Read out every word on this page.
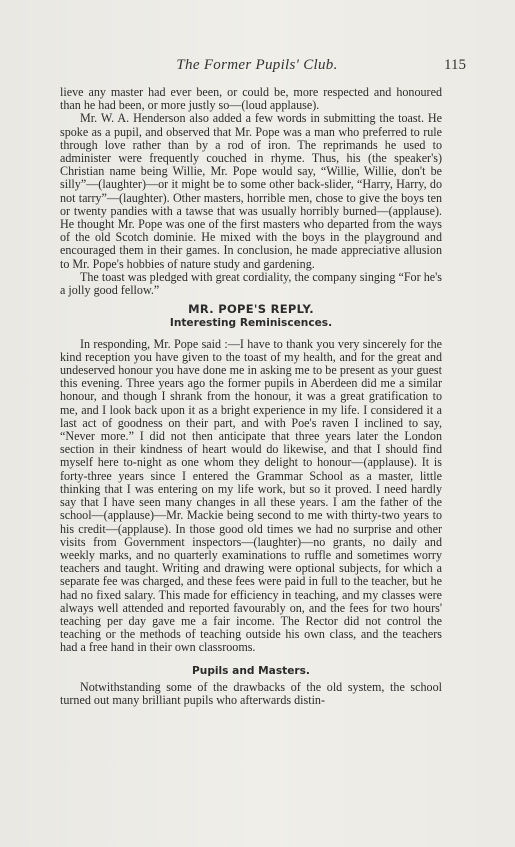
The Former Pupils' Club.	115

lieve any master had ever been, or could be, more respected and honoured than he had been, or more justly so—(loud applause).

Mr. W. A. Henderson also added a few words in submitting the toast. He spoke as a pupil, and observed that Mr. Pope was a man who preferred to rule through love rather than by a rod of iron. The reprimands he used to administer were frequently couched in rhyme. Thus, his (the speaker's) Christian name being Willie, Mr. Pope would say, “Willie, Willie, don't be silly”—(laughter)—or it might be to some other back-slider, “Harry, Harry, do not tarry”—(laughter). Other masters, horrible men, chose to give the boys ten or twenty pandies with a tawse that was usually horribly burned—(applause). He thought Mr. Pope was one of the first masters who departed from the ways of the old Scotch dominie. He mixed with the boys in the playground and encouraged them in their games. In conclusion, he made appreciative allusion to Mr. Pope's hobbies of nature study and gardening.

The toast was pledged with great cordiality, the company singing “For he's a jolly good fellow.”

MR. POPE'S REPLY.
Interesting Reminiscences.

In responding, Mr. Pope said :—I have to thank you very sincerely for the kind reception you have given to the toast of my health, and for the great and undeserved honour you have done me in asking me to be present as your guest this evening. Three years ago the former pupils in Aberdeen did me a similar honour, and though I shrank from the honour, it was a great gratification to me, and I look back upon it as a bright experience in my life. I considered it a last act of goodness on their part, and with Poe's raven I inclined to say, “Never more.” I did not then anticipate that three years later the London section in their kindness of heart would do likewise, and that I should find myself here to-night as one whom they delight to honour—(applause). It is forty-three years since I entered the Grammar School as a master, little thinking that I was entering on my life work, but so it proved. I need hardly say that I have seen many changes in all these years. I am the father of the school—(applause)—Mr. Mackie being second to me with thirty-two years to his credit—(applause). In those good old times we had no surprise and other visits from Government inspectors—(laughter)—no grants, no daily and weekly marks, and no quarterly examinations to ruffle and sometimes worry teachers and taught. Writing and drawing were optional subjects, for which a separate fee was charged, and these fees were paid in full to the teacher, but he had no fixed salary. This made for efficiency in teaching, and my classes were always well attended and reported favourably on, and the fees for two hours' teaching per day gave me a fair income. The Rector did not control the teaching or the methods of teaching outside his own class, and the teachers had a free hand in their own classrooms.

Pupils and Masters.

Notwithstanding some of the drawbacks of the old system, the school turned out many brilliant pupils who afterwards distin-
